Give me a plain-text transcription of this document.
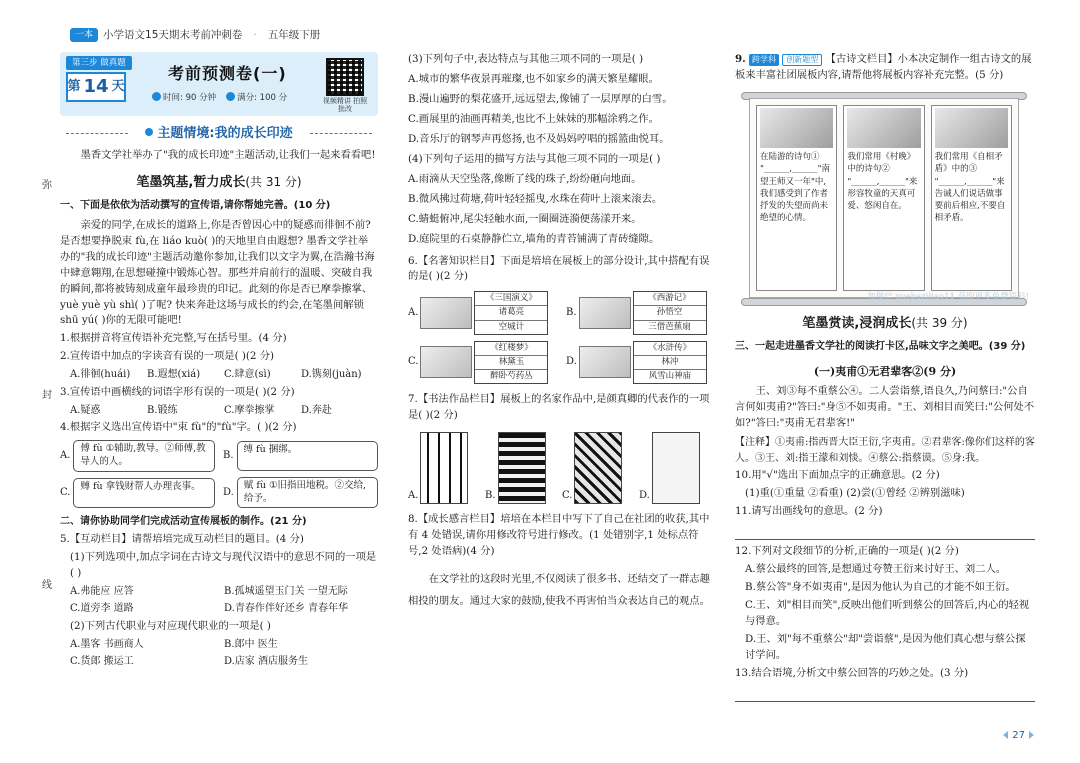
一本 小学语文15天期末考前冲刺卷 · 五年级下册
弥
封
线
第三步 做真题
第 14 天
考前预测卷(一)
时间: 90 分钟	满分: 100 分	视频精讲 拍照批改
主题情境:我的成长印迹
墨香文学社举办了"我的成长印迹"主题活动,让我们一起来看看吧!
笔墨筑基,暂力成长(共 31 分)
一、下面是依依为活动撰写的宣传语,请你帮她完善。(10 分)
亲爱的同学,在成长的道路上,你是否曾因心中的疑惑而徘徊不前? 是否想要挣脱束 fù,在 liáo kuò( )的天地里自由遐想? 墨香文学社举办的"我的成长印迹"主题活动邀你参加,让我们以文字为翼,在浩瀚书海中肆意翱翔,在思想碰撞中锻炼心智。那些并肩前行的温暖、突破自我的瞬间,都将被铸刻成童年最珍贵的印记。此刻的你是否已摩拳擦掌、yuè yuè yù shì( )了呢? 快来奔赴这场与成长的约会,在笔墨间解锁 shū yú( )你的无限可能吧!
1.根据拼音将宣传语补充完整,写在括号里。(4 分)
2.宣传语中加点的字读音有误的一项是( )(2 分)
A.徘徊(huái)	B.遐想(xiá)	C.肆意(sì)	D.镌刻(juàn)
3.宣传语中画横线的词语字形有误的一项是( )(2 分)
A.疑惑	B.锻练	C.摩拳擦掌	D.奔赴
4.根据字义选出宣传语中"束 fù"的"fù"字。( )(2 分)
A.
傅 fù ①辅助,教导。②师傅,教导人的人。
B.
缚 fù 捆绑。
C.
赙 fù 拿钱财帮人办理丧事。
D.
赋 fù ①旧指田地税。②交给,给予。
二、请你协助同学们完成活动宣传展板的制作。(21 分)
5.【互动栏目】请帮培培完成互动栏目的题目。(4 分)
(1)下列选项中,加点字词在古诗文与现代汉语中的意思不同的一项是( )
A.弗能应 应答	B.孤城遥望玉门关 一望无际
C.道旁李 道路	D.青春作伴好还乡 青春年华
(2)下列古代职业与对应现代职业的一项是( )
A.墨客 书画商人	B.郎中 医生
C.货郎 搬运工	D.店家 酒店服务生
(3)下列句子中,表达特点与其他三项不同的一项是( )
A.城市的繁华夜景再璀璨,也不如家乡的满天繁星耀眼。
B.漫山遍野的梨花盛开,远远望去,像铺了一层厚厚的白雪。
C.画展里的油画再精美,也比不上妹妹的那幅涂鸦之作。
D.音乐厅的钢琴声再悠扬,也不及妈妈哼唱的摇篮曲悦耳。
(4)下列句子运用的描写方法与其他三项不同的一项是( )
A.雨滴从天空坠落,像断了线的珠子,纷纷砸向地面。
B.微风拂过荷塘,荷叶轻轻摇曳,水珠在荷叶上滚来滚去。
C.蜻蜓俯冲,尾尖轻触水面,一圈圈涟漪便荡漾开来。
D.庭院里的石桌静静伫立,墙角的青苔铺满了青砖缝隙。
6.【名著知识栏目】下面是培培在展板上的部分设计,其中搭配有误的是( )(2 分)
A.
《三国演义》
诸葛亮
空城计
B.
《西游记》
孙悟空
三借芭蕉扇
C.
《红楼梦》
林黛玉
醉卧芍药丛
D.
《水浒传》
林冲
风雪山神庙
7.【书法作品栏目】展板上的名家作品中,是颜真卿的代表作的一项是( )(2 分)
A.	B.	C.	D.
8.【成长感言栏目】培培在本栏目中写下了自己在社团的收获,其中有 4 处错误,请你用修改符号进行修改。(1 处错别字,1 处标点符号,2 处语病)(4 分)
在文学社的这段时光里,不仅阅读了很多书、还结交了一群志趣相投的朋友。通过大家的鼓励,使我不再害怕当众表达自己的观点。
9. 跨学科 创新题型 【古诗文栏目】小本决定制作一组古诗文的展板来丰富社团展板内容,请帮他将展板内容补充完整。(5 分)
在陆游的诗句① "______,______"南望王师又一年"中,我们感受到了作者抒发的失望而尚未绝望的心情。
我们常用《村晚》中的诗句② "______,______"来形容牧童的天真可爱、悠闲自在。
我们常用《自相矛盾》中的③ "______,______"来告诫人们说话做事要前后相应,不要自相矛盾。
加微信 xuebaziliao11 获取更多免费资料!
笔墨赏读,浸润成长(共 39 分)
三、一起走进墨香文学社的阅读打卡区,品味文字之美吧。(39 分)
(一)夷甫①无君辈客②(9 分)
王、刘③每不重蔡公④。二人尝诣蔡,语良久,乃问蔡曰:"公自言何如夷甫?"答曰:"身⑤不如夷甫。"王、刘相目而笑曰:"公何处不如?"答曰:"夷甫无君辈客!"
【注释】①夷甫:指西晋大臣王衍,字夷甫。②君辈客:像你们这样的客人。③王、刘:指王濛和刘惔。④蔡公:指蔡谟。⑤身:我。
10.用"√"选出下面加点字的正确意思。(2 分)
(1)重(①重量 ②看重) (2)尝(①曾经 ②辨别滋味)
11.请写出画线句的意思。(2 分)
12.下列对文段细节的分析,正确的一项是( )(2 分)
A.蔡公最终的回答,是想通过夸赞王衍来讨好王、刘二人。
B.蔡公答"身不如夷甫",是因为他认为自己的才能不如王衍。
C.王、刘"相目而笑",反映出他们听到蔡公的回答后,内心的轻视与得意。
D.王、刘"每不重蔡公"却"尝诣蔡",是因为他们真心想与蔡公探讨学问。
13.结合语境,分析文中蔡公回答的巧妙之处。(3 分)
27
